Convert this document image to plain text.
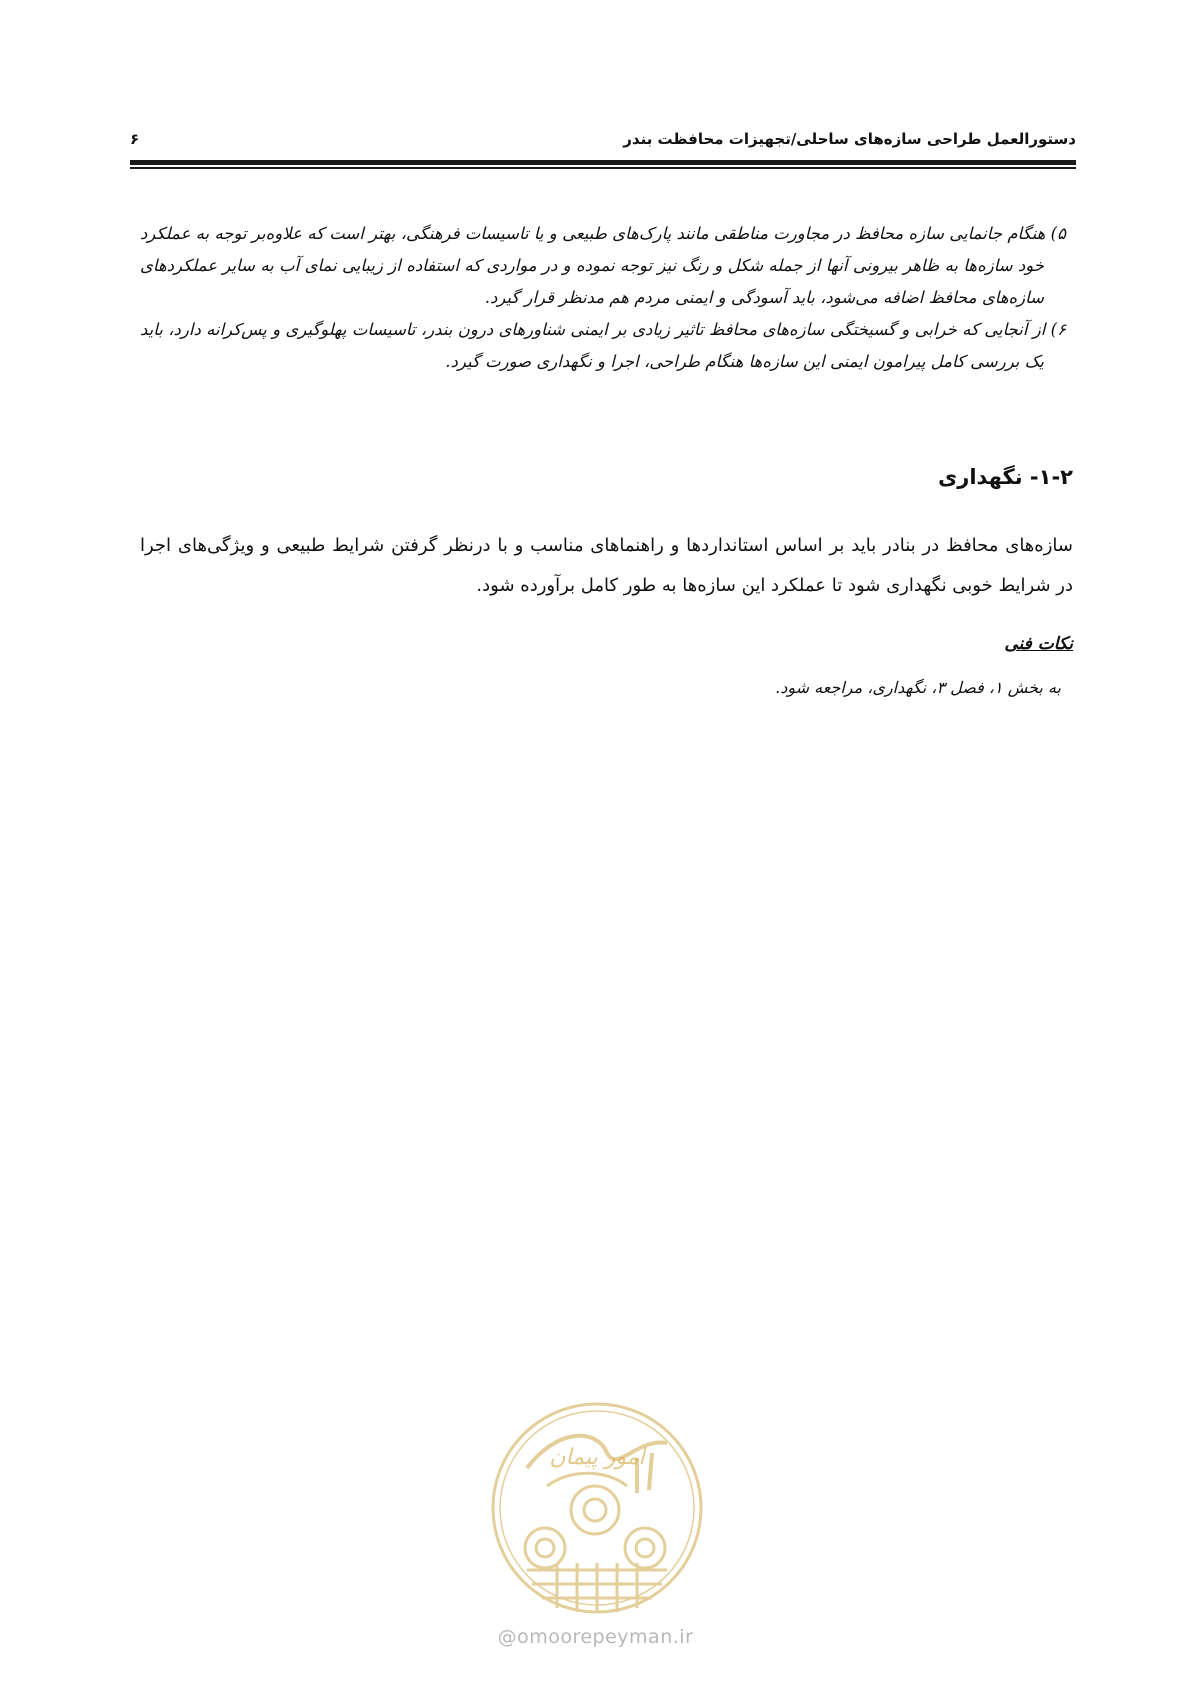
دستورالعمل طراحی سازه‌های ساحلی/تجهیزات محافظت بندر
۶

۵) هنگام جانمایی سازه محافظ در مجاورت مناطقی مانند پارک‌های طبیعی و یا تاسیسات فرهنگی، بهتر است که علاوه‌بر توجه به عملکرد خود سازه‌ها به ظاهر بیرونی آنها از جمله شکل و رنگ نیز توجه نموده و در مواردی که استفاده از زیبایی نمای آب به سایر عملکردهای سازه‌های محافظ اضافه می‌شود، باید آسودگی و ایمنی مردم هم مدنظر قرار گیرد.

۶) از آنجایی که خرابی و گسیختگی سازه‌های محافظ تاثیر زیادی بر ایمنی شناورهای درون بندر، تاسیسات پهلوگیری و پس‌کرانه دارد، باید یک بررسی کامل پیرامون ایمنی این سازه‌ها هنگام طراحی، اجرا و نگهداری صورت گیرد.

۱-۲- نگهداری
سازه‌های محافظ در بنادر باید بر اساس استانداردها و راهنماهای مناسب و با درنظر گرفتن شرایط طبیعی و ویژگی‌های اجرا در شرایط خوبی نگهداری شود تا عملکرد این سازه‌ها به طور کامل برآورده شود.
نکات فنی
به بخش ۱، فصل ۳، نگهداری، مراجعه شود.
امور پیمان
@omoorepeyman.ir
